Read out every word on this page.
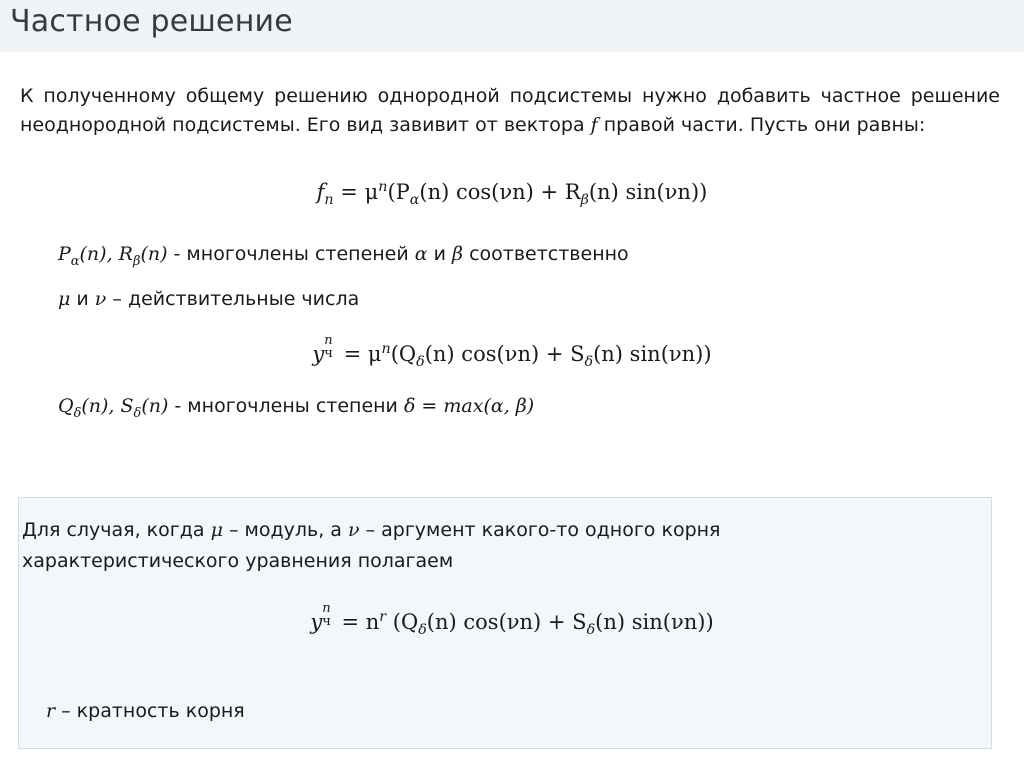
Частное решение
К полученному общему решению однородной подсистемы нужно добавить частное решение неоднородной подсистемы. Его вид завивит от вектора f правой части. Пусть они равны:
$f_n = \mu^n(P_\alpha(n) \cos(\nu n) + R_\beta(n)$ sin(νn))
$P_\alpha(n)$, $R_\beta(n)$ - многочлены степеней α и β соответственно
μ и ν – действительные числа
y
n
$ч = \mu^n(Q_\delta(n) \cos(\nu n) + S_\delta(n)$ sin(νn))
$Q_\delta(n)$, $S_\delta(n)$ - многочлены степени δ = max(α, β)
Для случая, когда μ – модуль, а ν – аргумент какого-то одного корня характеристического уравнения полагаем
y
n
$ч = n^r$ ($Q_\delta(n) \cos(\nu n) + S_\delta(n)$ sin(νn))
r – кратность корня
